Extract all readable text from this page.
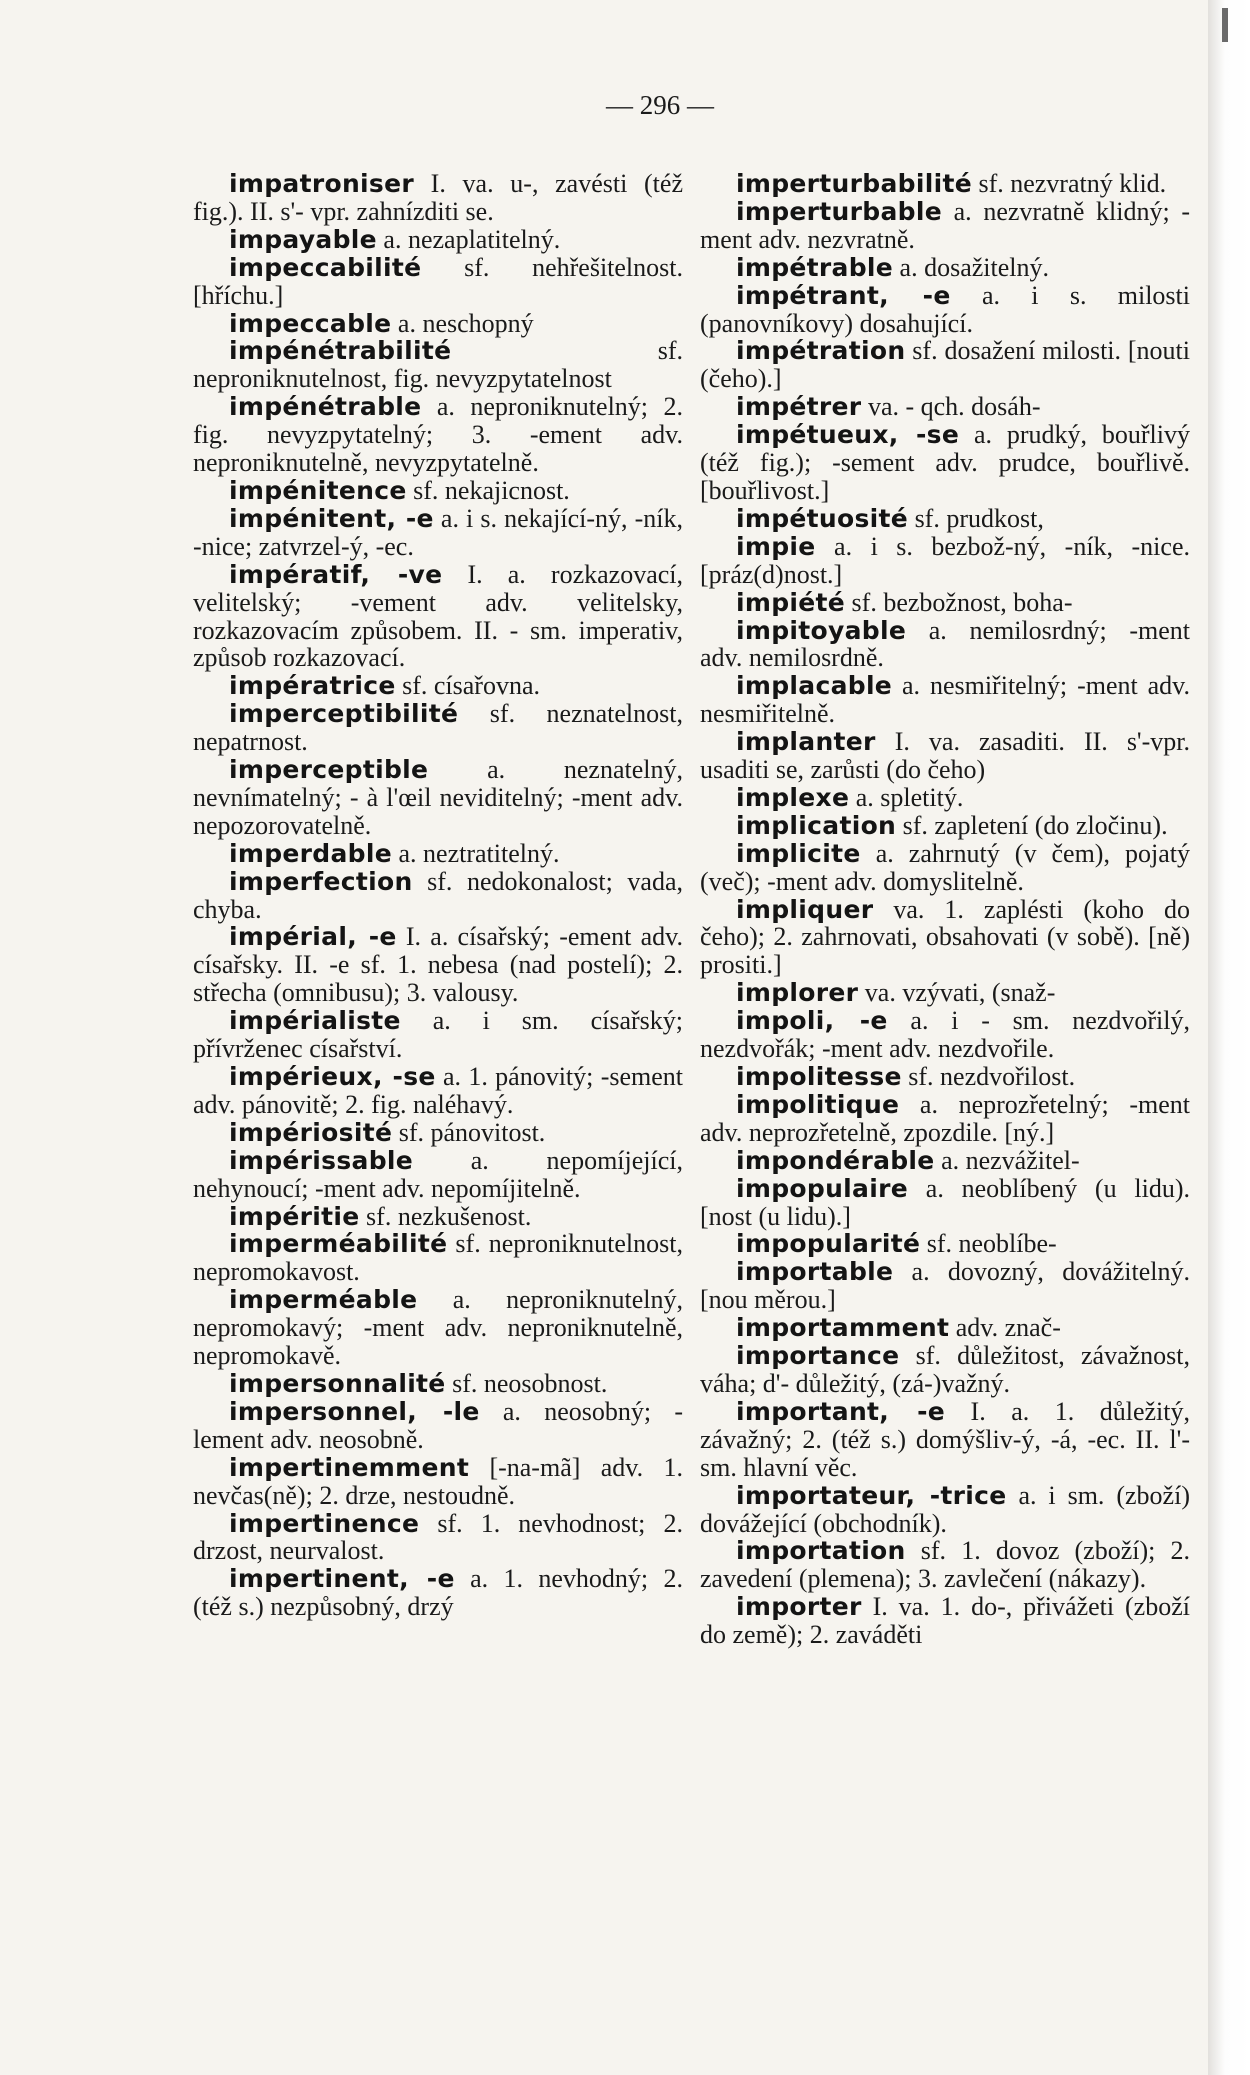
— 296 —

impatroniser I. va. u-, zavésti (též fig.). II. s'- vpr. zahnízditi se.

impayable a. nezaplatitelný.

impeccabilité sf. nehřešitelnost. [hříchu.]

impeccable a. neschopný

impénétrabilité sf. neproniknutelnost, fig. nevyzpytatelnost

impénétrable a. neproniknutelný; 2. fig. nevyzpytatelný; 3. -ement adv. neproniknutelně, nevyzpytatelně.

impénitence sf. nekajicnost.

impénitent, -e a. i s. nekající-ný, -ník, -nice; zatvrzel-ý, -ec.

impératif, -ve I. a. rozkazovací, velitelský; -vement adv. velitelsky, rozkazovacím způsobem. II. - sm. imperativ, způsob rozkazovací.

impératrice sf. císařovna.

imperceptibilité sf. neznatelnost, nepatrnost.

imperceptible a. neznatelný, nevnímatelný; - à l'œil neviditelný; -ment adv. nepozorovatelně.

imperdable a. neztratitelný.

imperfection sf. nedokonalost; vada, chyba.

impérial, -e I. a. císařský; -ement adv. císařsky. II. -e sf. 1. nebesa (nad postelí); 2. střecha (omnibusu); 3. valousy.

impérialiste a. i sm. císařský; přívrženec císařství.

impérieux, -se a. 1. pánovitý; -sement adv. pánovitě; 2. fig. naléhavý.

impériosité sf. pánovitost.

impérissable a. nepomíjející, nehynoucí; -ment adv. nepomíjitelně.

impéritie sf. nezkušenost.

imperméabilité sf. neproniknutelnost, nepromokavost.

imperméable a. neproniknutelný, nepromokavý; -ment adv. neproniknutelně, nepromokavě.

impersonnalité sf. neosobnost.

impersonnel, -le a. neosobný; -lement adv. neosobně.

impertinemment [-na-mã] adv. 1. nevčas(ně); 2. drze, nestoudně.

impertinence sf. 1. nevhodnost; 2. drzost, neurvalost.

impertinent, -e a. 1. nevhodný; 2. (též s.) nezpůsobný, drzý

imperturbabilité sf. nezvratný klid.

imperturbable a. nezvratně klidný; -ment adv. nezvratně.

impétrable a. dosažitelný.

impétrant, -e a. i s. milosti (panovníkovy) dosahující.

impétration sf. dosažení milosti. [nouti (čeho).]

impétrer va. - qch. dosáh-

impétueux, -se a. prudký, bouřlivý (též fig.); -sement adv. prudce, bouřlivě. [bouřlivost.]

impétuosité sf. prudkost,

impie a. i s. bezbož-ný, -ník, -nice. [práz(d)nost.]

impiété sf. bezbožnost, boha-

impitoyable a. nemilosrdný; -ment adv. nemilosrdně.

implacable a. nesmiřitelný; -ment adv. nesmiřitelně.

implanter I. va. zasaditi. II. s'-vpr. usaditi se, zarůsti (do čeho)

implexe a. spletitý.

implication sf. zapletení (do zločinu).

implicite a. zahrnutý (v čem), pojatý (več); -ment adv. domyslitelně.

impliquer va. 1. zaplésti (koho do čeho); 2. zahrnovati, obsahovati (v sobě). [ně) prositi.]

implorer va. vzývati, (snaž-

impoli, -e a. i - sm. nezdvořilý, nezdvořák; -ment adv. nezdvořile.

impolitesse sf. nezdvořilost.

impolitique a. neprozřetelný; -ment adv. neprozřetelně, zpozdile. [ný.]

impondérable a. nezvážitel-

impopulaire a. neoblíbený (u lidu). [nost (u lidu).]

impopularité sf. neoblíbe-

importable a. dovozný, dovážitelný. [nou měrou.]

importamment adv. znač-

importance sf. důležitost, závažnost, váha; d'- důležitý, (zá-)važný.

important, -e I. a. 1. důležitý, závažný; 2. (též s.) domýšliv-ý, -á, -ec. II. l'- sm. hlavní věc.

importateur, -trice a. i sm. (zboží) dovážející (obchodník).

importation sf. 1. dovoz (zboží); 2. zavedení (plemena); 3. zavlečení (nákazy).

importer I. va. 1. do-, přivážeti (zboží do země); 2. zaváděti
